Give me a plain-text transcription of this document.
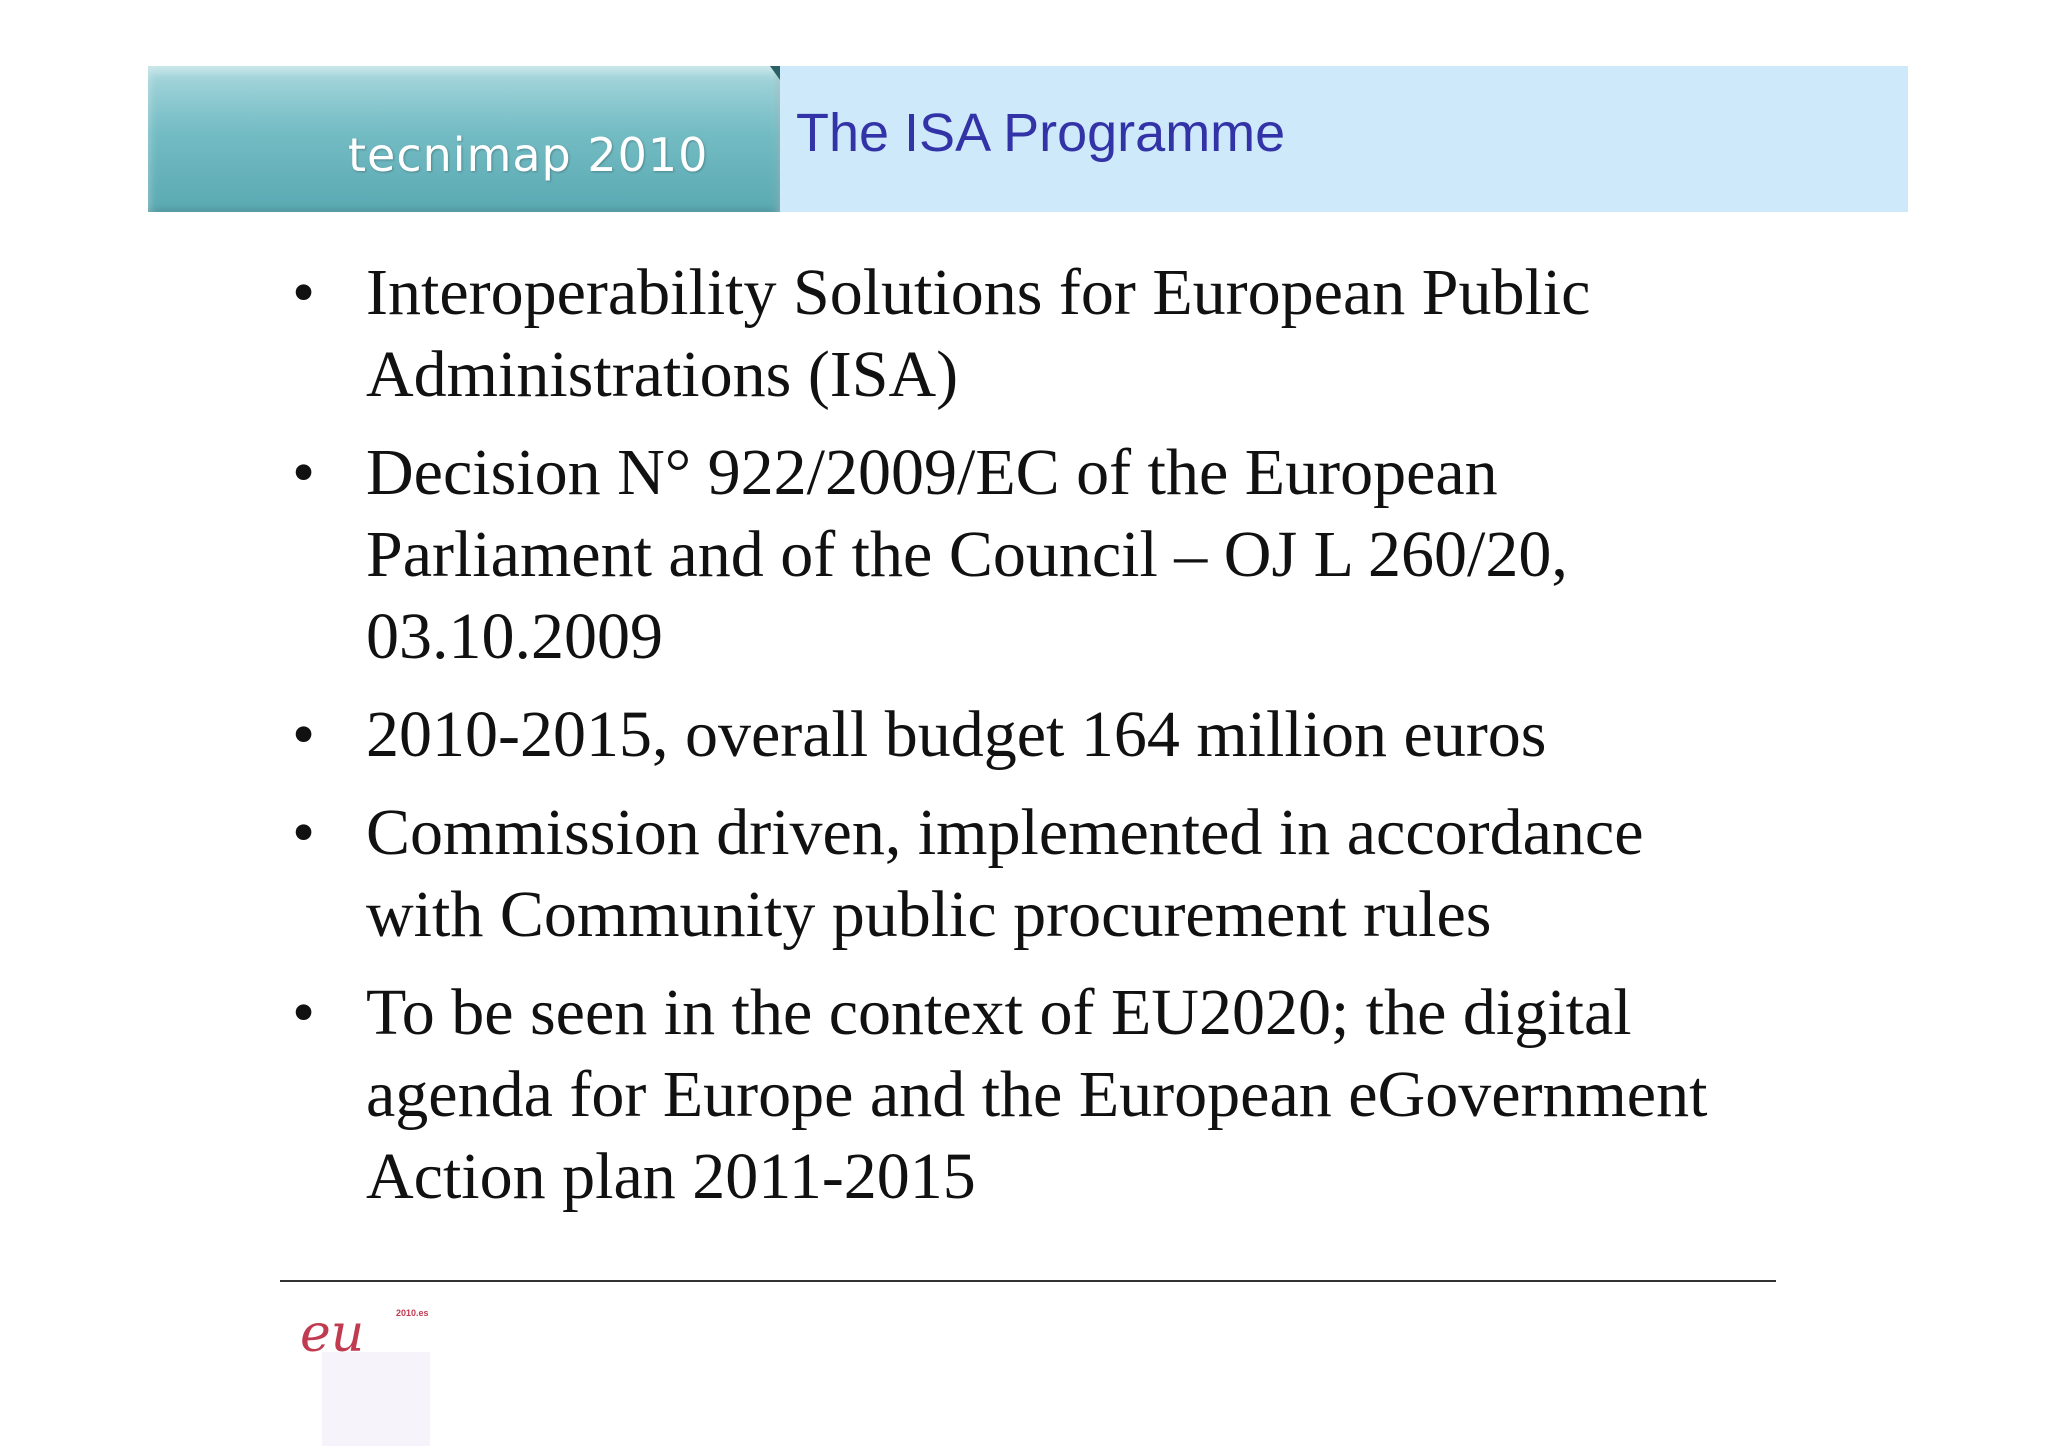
tecnimap 2010 The ISA Programme
• Interoperability Solutions for European Public
Administrations (ISA)
• Decision N° 922/2009/EC of the European
Parliament and of the Council – OJ L 260/20,
03.10.2009
• 2010-2015, overall budget 164 million euros
• Commission driven, implemented in accordance
with Community public procurement rules
• To be seen in the context of EU2020; the digital
agenda for Europe and the European eGovernment
Action plan 2011-2015
eu	2010.es
